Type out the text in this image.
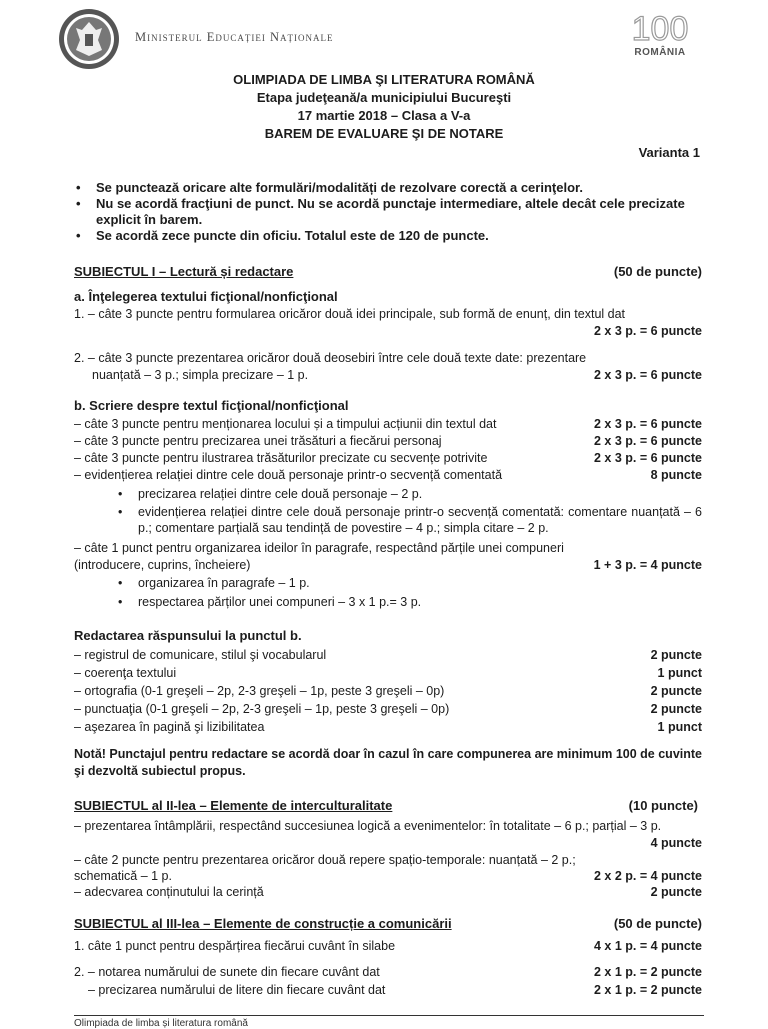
Ministerul Educației Naționale	100
ROMÂNIA
OLIMPIADA DE LIMBA ŞI LITERATURA ROMÂNĂ
Etapa judeţeană/a municipiului Bucureşti
17 martie 2018 – Clasa a V-a
BAREM DE EVALUARE ŞI DE NOTARE
Varianta 1
• Se punctează oricare alte formulări/modalități de rezolvare corectă a cerinţelor.
• Nu se acordă fracţiuni de punct. Nu se acordă punctaje intermediare, altele decât cele precizate explicit în barem.
• Se acordă zece puncte din oficiu. Totalul este de 120 de puncte.
SUBIECTUL I – Lectură și redactare	(50 de puncte)
a. Înţelegerea textului ficţional/nonficţional
1. – câte 3 puncte pentru formularea oricăror două idei principale, sub formă de enunț, din textul dat
2 x 3 p. = 6 puncte
2. – câte 3 puncte prezentarea oricăror două deosebiri între cele două texte date: prezentare
nuanțată – 3 p.; simpla precizare – 1 p.	2 x 3 p. = 6 puncte
b. Scriere despre textul ficţional/nonficţional
– câte 3 puncte pentru menționarea locului și a timpului acțiunii din textul dat	2 x 3 p. = 6 puncte
– câte 3 puncte pentru precizarea unei trăsături a fiecărui personaj	2 x 3 p. = 6 puncte
– câte 3 puncte pentru ilustrarea trăsăturilor precizate cu secvențe potrivite	2 x 3 p. = 6 puncte
– evidențierea relației dintre cele două personaje printr-o secvență comentată	8 puncte
• precizarea relației dintre cele două personaje – 2 p.
• evidențierea relației dintre cele două personaje printr-o secvență comentată: comentare nuanțată – 6 p.; comentare parțială sau tendință de povestire – 4 p.; simpla citare – 2 p.
– câte 1 punct pentru organizarea ideilor în paragrafe, respectând părțile unei compuneri
(introducere, cuprins, încheiere)	1 + 3 p. = 4 puncte
• organizarea în paragrafe – 1 p.
• respectarea părților unei compuneri – 3 x 1 p.= 3 p.
Redactarea răspunsului la punctul b.
– registrul de comunicare, stilul şi vocabularul	2 puncte
– coerenţa textului	1 punct
– ortografia (0-1 greşeli – 2p, 2-3 greşeli – 1p, peste 3 greşeli – 0p)	2 puncte
– punctuaţia (0-1 greşeli – 2p, 2-3 greşeli – 1p, peste 3 greşeli – 0p)	2 puncte
– aşezarea în pagină şi lizibilitatea	1 punct
Notă! Punctajul pentru redactare se acordă doar în cazul în care compunerea are minimum 100 de cuvinte şi dezvoltă subiectul propus.
SUBIECTUL al II-lea – Elemente de interculturalitate	(10 puncte)
– prezentarea întâmplării, respectând succesiunea logică a evenimentelor: în totalitate – 6 p.; parțial – 3 p.
4 puncte
– câte 2 puncte pentru prezentarea oricăror două repere spațio-temporale: nuanțată – 2 p.;
schematică – 1 p.	2 x 2 p. = 4 puncte
– adecvarea conținutului la cerință	2 puncte
SUBIECTUL al III-lea – Elemente de construcție a comunicării	(50 de puncte)
1. câte 1 punct pentru despărțirea fiecărui cuvânt în silabe	4 x 1 p. = 4 puncte
2. – notarea numărului de sunete din fiecare cuvânt dat	2 x 1 p. = 2 puncte
– precizarea numărului de litere din fiecare cuvânt dat	2 x 1 p. = 2 puncte
Olimpiada de limba și literatura română
